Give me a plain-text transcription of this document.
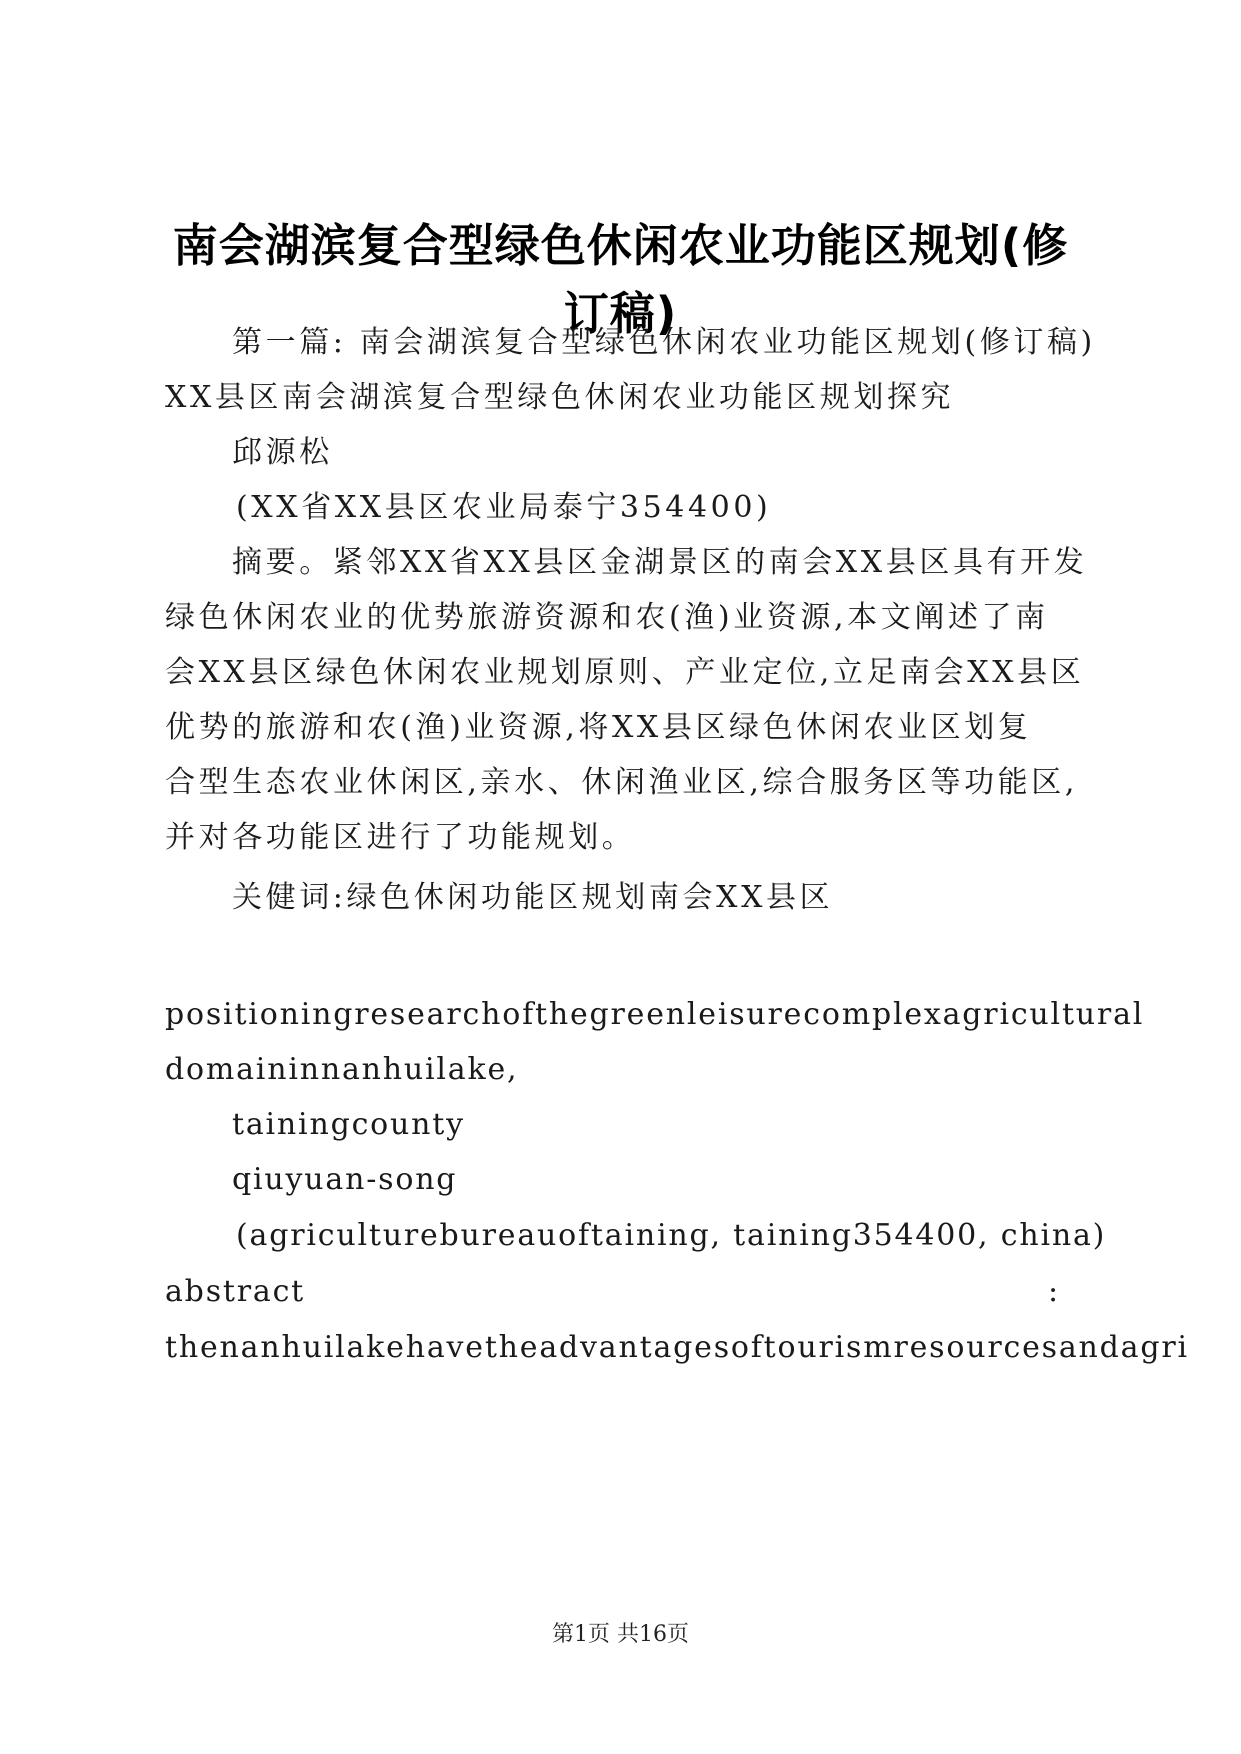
南会湖滨复合型绿色休闲农业功能区规划(修
订稿)
第一篇: 南会湖滨复合型绿色休闲农业功能区规划(修订稿)
XX县区南会湖滨复合型绿色休闲农业功能区规划探究
邱源松
(XX省XX县区农业局泰宁354400)
摘要。紧邻XX省XX县区金湖景区的南会XX县区具有开发
绿色休闲农业的优势旅游资源和农(渔)业资源,本文阐述了南
会XX县区绿色休闲农业规划原则、产业定位,立足南会XX县区
优势的旅游和农(渔)业资源,将XX县区绿色休闲农业区划复
合型生态农业休闲区,亲水、休闲渔业区,综合服务区等功能区,
并对各功能区进行了功能规划。
关健词:绿色休闲功能区规划南会XX县区
positioningresearchofthegreenleisurecomplexagricultural
domaininnanhuilake,
tainingcounty
qiuyuan-song
(agriculturebureauoftaining, taining354400, china)
abstract	:
thenanhuilakehavetheadvantagesoftourismresourcesandagri
第1页 共16页
